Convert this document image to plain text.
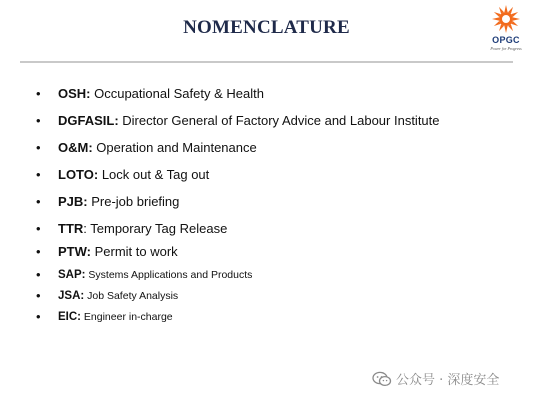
NOMENCLATURE
OPGC
Power for Progress
• OSH: Occupational Safety & Health
• DGFASIL: Director General of Factory Advice and Labour Institute
• O&M: Operation and Maintenance
• LOTO: Lock out & Tag out
• PJB: Pre-job briefing
• TTR: Temporary Tag Release
• PTW: Permit to work
• SAP: Systems Applications and Products
• JSA: Job Safety Analysis
• EIC: Engineer in-charge
公众号 · 深度安全
